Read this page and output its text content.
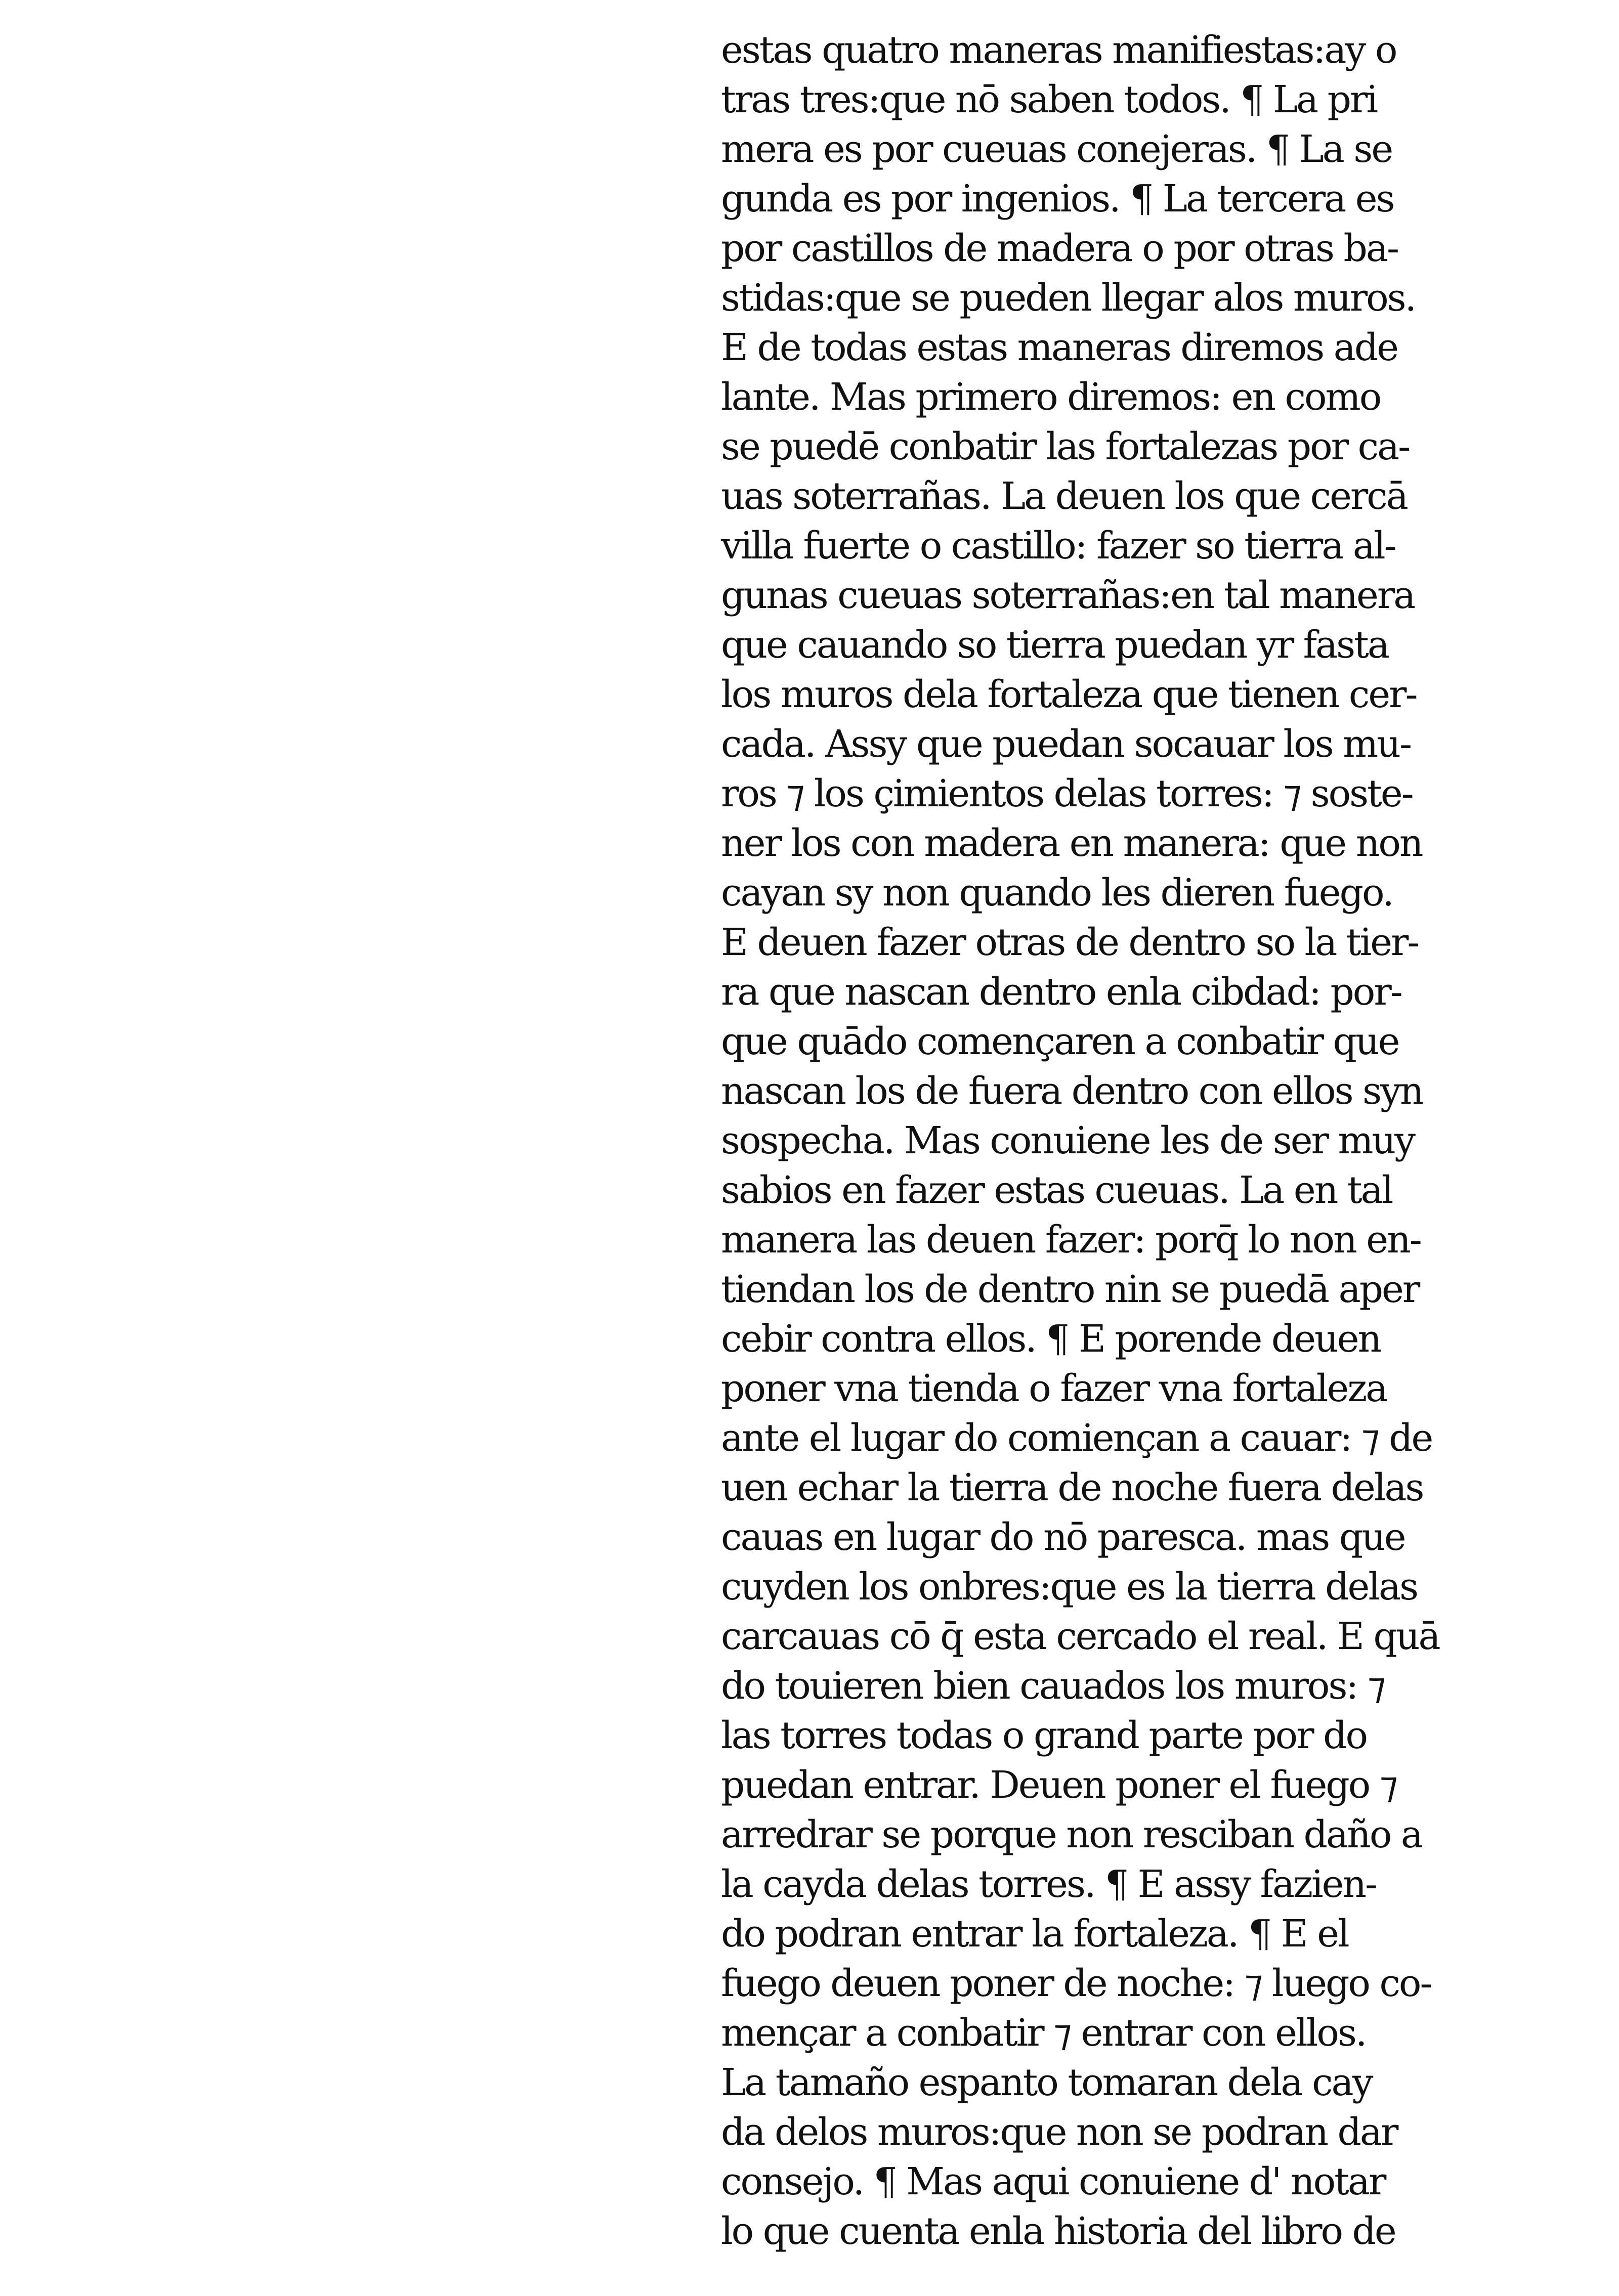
estas quatro maneras manifiestas:ay o
tras tres:que nō saben todos. ¶ La pri
mera es por cueuas conejeras. ¶ La se
gunda es por ingenios. ¶ La tercera es
por castillos de madera o por otras ba-
stidas:que se pueden llegar alos muros.
E de todas estas maneras diremos ade
lante. Mas primero diremos: en como
se puedē conbatir las fortalezas por ca-
uas soterrañas. La deuen los que cercā
villa fuerte o castillo: fazer so tierra al-
gunas cueuas soterrañas:en tal manera
que cauando so tierra puedan yr fasta
los muros dela fortaleza que tienen cer-
cada. Assy que puedan socauar los mu-
ros ⁊ los çimientos delas torres: ⁊ soste-
ner los con madera en manera: que non
cayan sy non quando les dieren fuego.
E deuen fazer otras de dentro so la tier-
ra que nascan dentro enla cibdad: por-
que quādo començaren a conbatir que
nascan los de fuera dentro con ellos syn
sospecha. Mas conuiene les de ser muy
sabios en fazer estas cueuas. La en tal
manera las deuen fazer: porq̄ lo non en-
tiendan los de dentro nin se puedā aper
cebir contra ellos. ¶ E porende deuen
poner vna tienda o fazer vna fortaleza
ante el lugar do comiençan a cauar: ⁊ de
uen echar la tierra de noche fuera delas
cauas en lugar do nō paresca. mas que
cuyden los onbres:que es la tierra delas
carcauas cō q̄ esta cercado el real. E quā
do touieren bien cauados los muros: ⁊
las torres todas o grand parte por do
puedan entrar. Deuen poner el fuego ⁊
arredrar se porque non resciban daño a
la cayda delas torres. ¶ E assy fazien-
do podran entrar la fortaleza. ¶ E el
fuego deuen poner de noche: ⁊ luego co-
mençar a conbatir ⁊ entrar con ellos.
La tamaño espanto tomaran dela cay
da delos muros:que non se podran dar
consejo. ¶ Mas aqui conuiene d' notar
lo que cuenta enla historia del libro de
